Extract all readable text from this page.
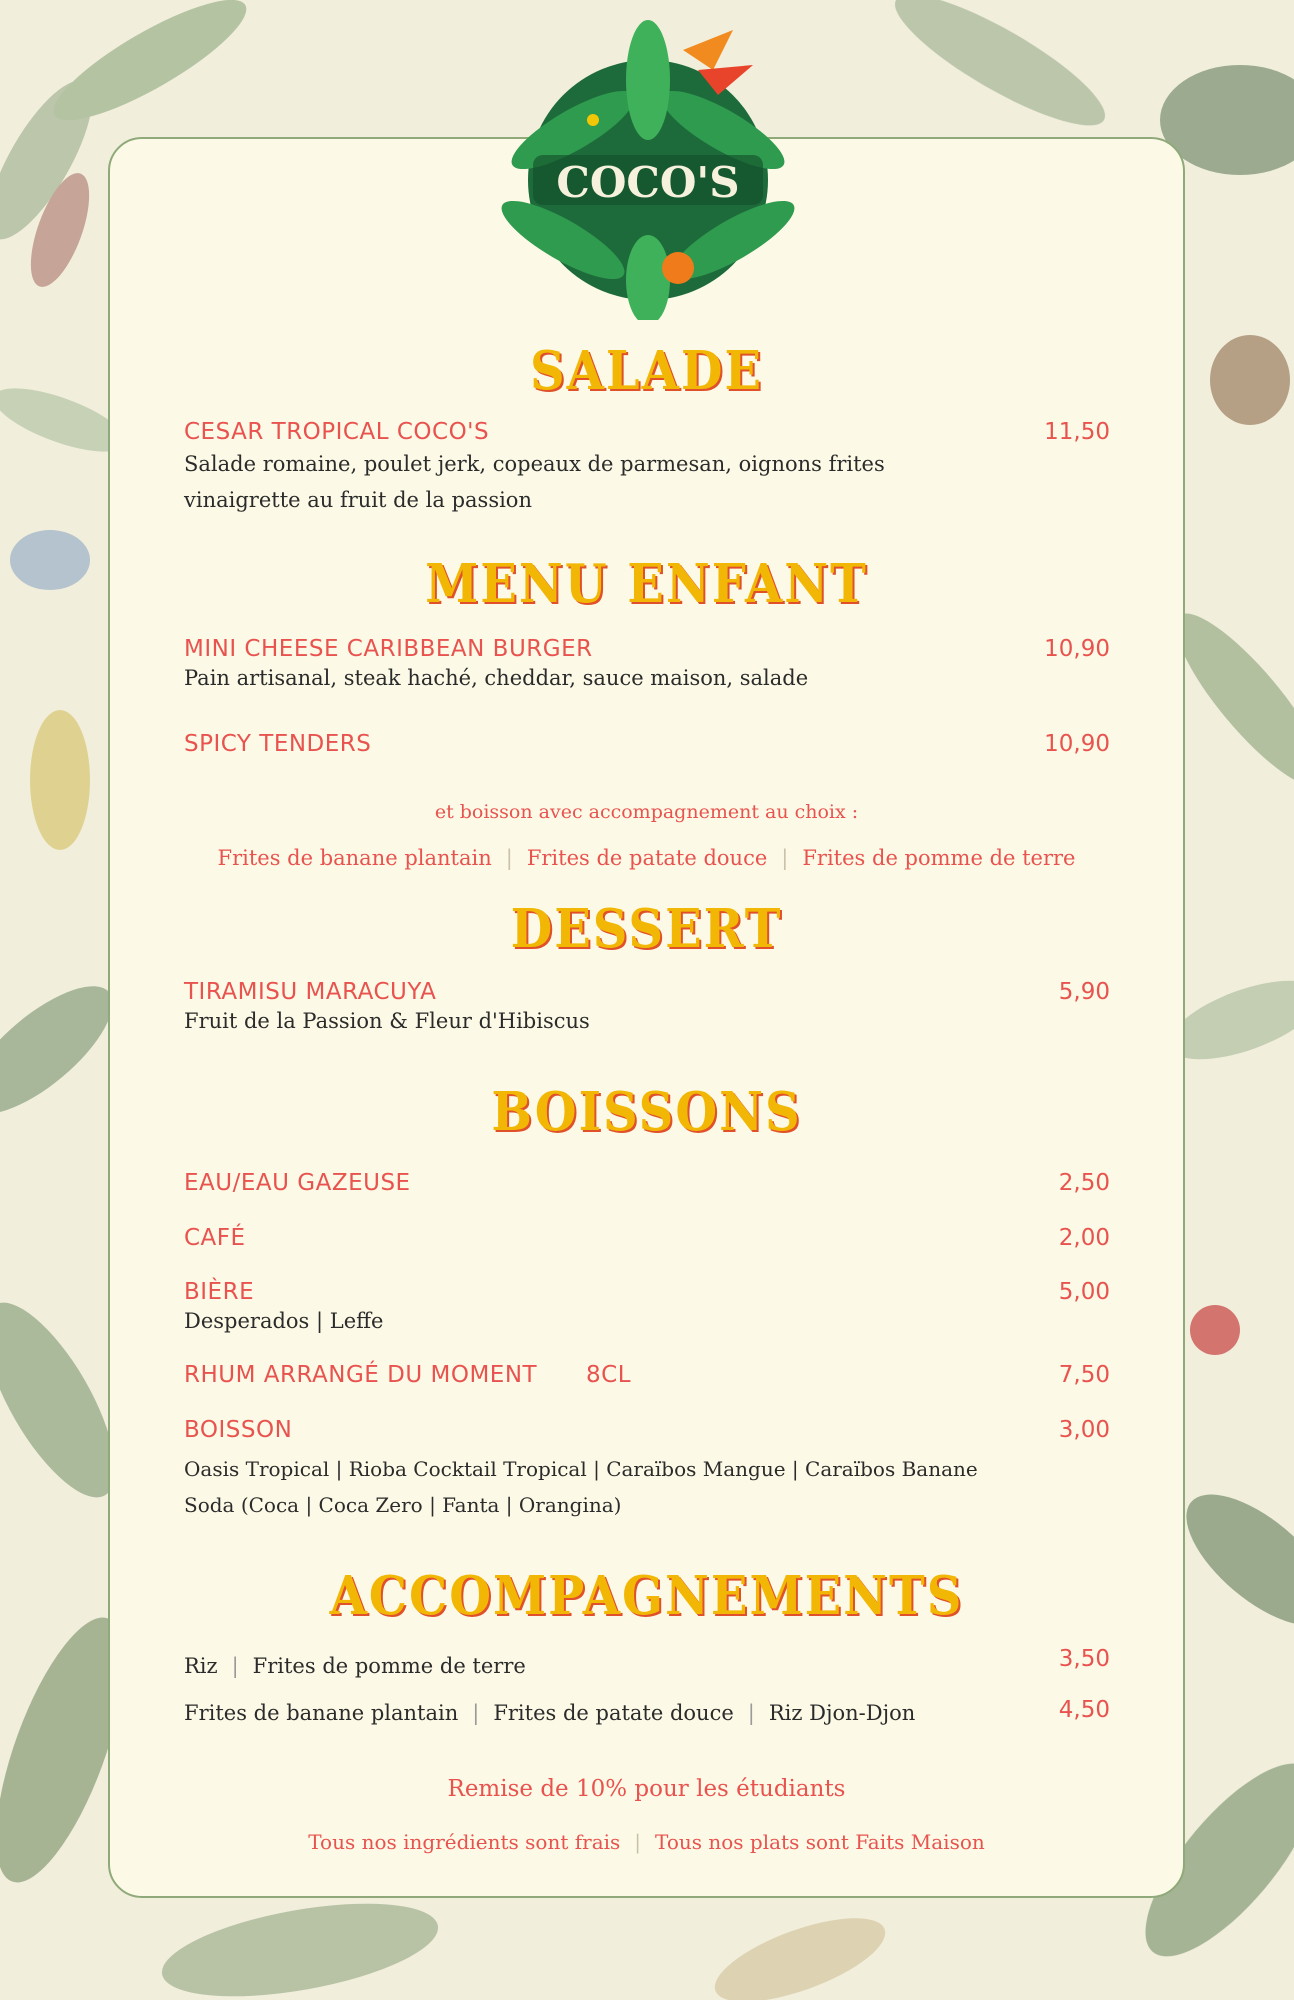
COCO'S
SALADE
CESAR TROPICAL COCO'S	11,50
Salade romaine, poulet jerk, copeaux de parmesan, oignons frites
vinaigrette au fruit de la passion
MENU ENFANT
MINI CHEESE CARIBBEAN BURGER	10,90
Pain artisanal, steak haché, cheddar, sauce maison, salade
SPICY TENDERS	10,90
et boisson avec accompagnement au choix :
Frites de banane plantain | Frites de patate douce | Frites de pomme de terre
DESSERT
TIRAMISU MARACUYA	5,90
Fruit de la Passion & Fleur d'Hibiscus
BOISSONS
EAU/EAU GAZEUSE	2,50
CAFÉ	2,00
BIÈRE	5,00
Desperados | Leffe
RHUM ARRANGÉ DU MOMENT 8CL	7,50
BOISSON	3,00
Oasis Tropical | Rioba Cocktail Tropical | Caraïbos Mangue | Caraïbos Banane
Soda (Coca | Coca Zero | Fanta | Orangina)
ACCOMPAGNEMENTS
Riz | Frites de pomme de terre	3,50
Frites de banane plantain | Frites de patate douce | Riz Djon-Djon	4,50
Remise de 10% pour les étudiants
Tous nos ingrédients sont frais | Tous nos plats sont Faits Maison
